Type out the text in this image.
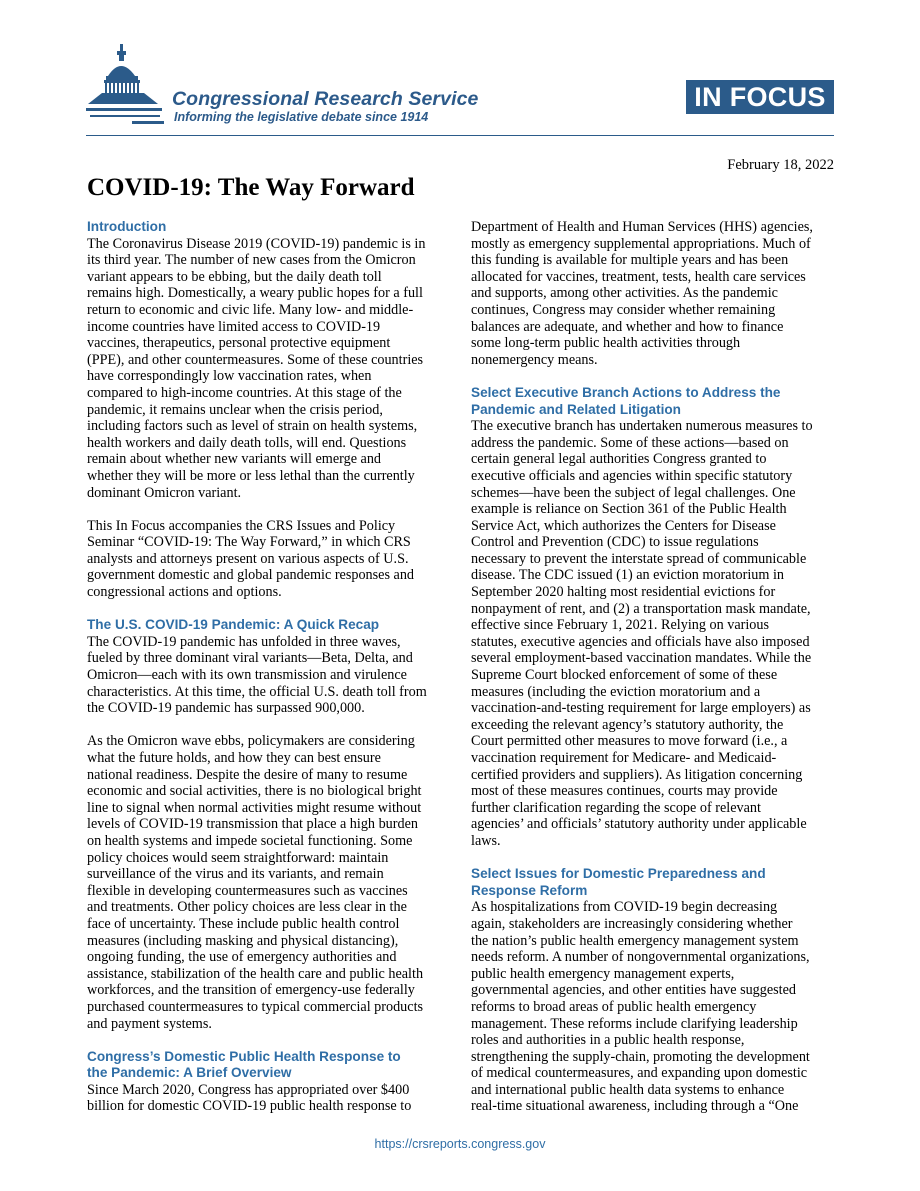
Congressional Research Service
Informing the legislative debate since 1914
IN FOCUS
February 18, 2022
COVID-19: The Way Forward
Introduction

The Coronavirus Disease 2019 (COVID-19) pandemic is in
its third year. The number of new cases from the Omicron
variant appears to be ebbing, but the daily death toll
remains high. Domestically, a weary public hopes for a full
return to economic and civic life. Many low- and middle-
income countries have limited access to COVID-19
vaccines, therapeutics, personal protective equipment
(PPE), and other countermeasures. Some of these countries
have correspondingly low vaccination rates, when
compared to high-income countries. At this stage of the
pandemic, it remains unclear when the crisis period,
including factors such as level of strain on health systems,
health workers and daily death tolls, will end. Questions
remain about whether new variants will emerge and
whether they will be more or less lethal than the currently
dominant Omicron variant.

This In Focus accompanies the CRS Issues and Policy
Seminar “COVID-19: The Way Forward,” in which CRS
analysts and attorneys present on various aspects of U.S.
government domestic and global pandemic responses and
congressional actions and options.

The U.S. COVID-19 Pandemic: A Quick Recap

The COVID-19 pandemic has unfolded in three waves,
fueled by three dominant viral variants—Beta, Delta, and
Omicron—each with its own transmission and virulence
characteristics. At this time, the official U.S. death toll from
the COVID-19 pandemic has surpassed 900,000.

As the Omicron wave ebbs, policymakers are considering
what the future holds, and how they can best ensure
national readiness. Despite the desire of many to resume
economic and social activities, there is no biological bright
line to signal when normal activities might resume without
levels of COVID-19 transmission that place a high burden
on health systems and impede societal functioning. Some
policy choices would seem straightforward: maintain
surveillance of the virus and its variants, and remain
flexible in developing countermeasures such as vaccines
and treatments. Other policy choices are less clear in the
face of uncertainty. These include public health control
measures (including masking and physical distancing),
ongoing funding, the use of emergency authorities and
assistance, stabilization of the health care and public health
workforces, and the transition of emergency-use federally
purchased countermeasures to typical commercial products
and payment systems.

Congress’s Domestic Public Health Response to
the Pandemic: A Brief Overview

Since March 2020, Congress has appropriated over $400
billion for domestic COVID-19 public health response to

Department of Health and Human Services (HHS) agencies,
mostly as emergency supplemental appropriations. Much of
this funding is available for multiple years and has been
allocated for vaccines, treatment, tests, health care services
and supports, among other activities. As the pandemic
continues, Congress may consider whether remaining
balances are adequate, and whether and how to finance
some long-term public health activities through
nonemergency means.

Select Executive Branch Actions to Address the
Pandemic and Related Litigation

The executive branch has undertaken numerous measures to
address the pandemic. Some of these actions—based on
certain general legal authorities Congress granted to
executive officials and agencies within specific statutory
schemes—have been the subject of legal challenges. One
example is reliance on Section 361 of the Public Health
Service Act, which authorizes the Centers for Disease
Control and Prevention (CDC) to issue regulations
necessary to prevent the interstate spread of communicable
disease. The CDC issued (1) an eviction moratorium in
September 2020 halting most residential evictions for
nonpayment of rent, and (2) a transportation mask mandate,
effective since February 1, 2021. Relying on various
statutes, executive agencies and officials have also imposed
several employment-based vaccination mandates. While the
Supreme Court blocked enforcement of some of these
measures (including the eviction moratorium and a
vaccination-and-testing requirement for large employers) as
exceeding the relevant agency’s statutory authority, the
Court permitted other measures to move forward (i.e., a
vaccination requirement for Medicare- and Medicaid-
certified providers and suppliers). As litigation concerning
most of these measures continues, courts may provide
further clarification regarding the scope of relevant
agencies’ and officials’ statutory authority under applicable
laws.

Select Issues for Domestic Preparedness and
Response Reform

As hospitalizations from COVID-19 begin decreasing
again, stakeholders are increasingly considering whether
the nation’s public health emergency management system
needs reform. A number of nongovernmental organizations,
public health emergency management experts,
governmental agencies, and other entities have suggested
reforms to broad areas of public health emergency
management. These reforms include clarifying leadership
roles and authorities in a public health response,
strengthening the supply-chain, promoting the development
of medical countermeasures, and expanding upon domestic
and international public health data systems to enhance
real-time situational awareness, including through a “One

https://crsreports.congress.gov
